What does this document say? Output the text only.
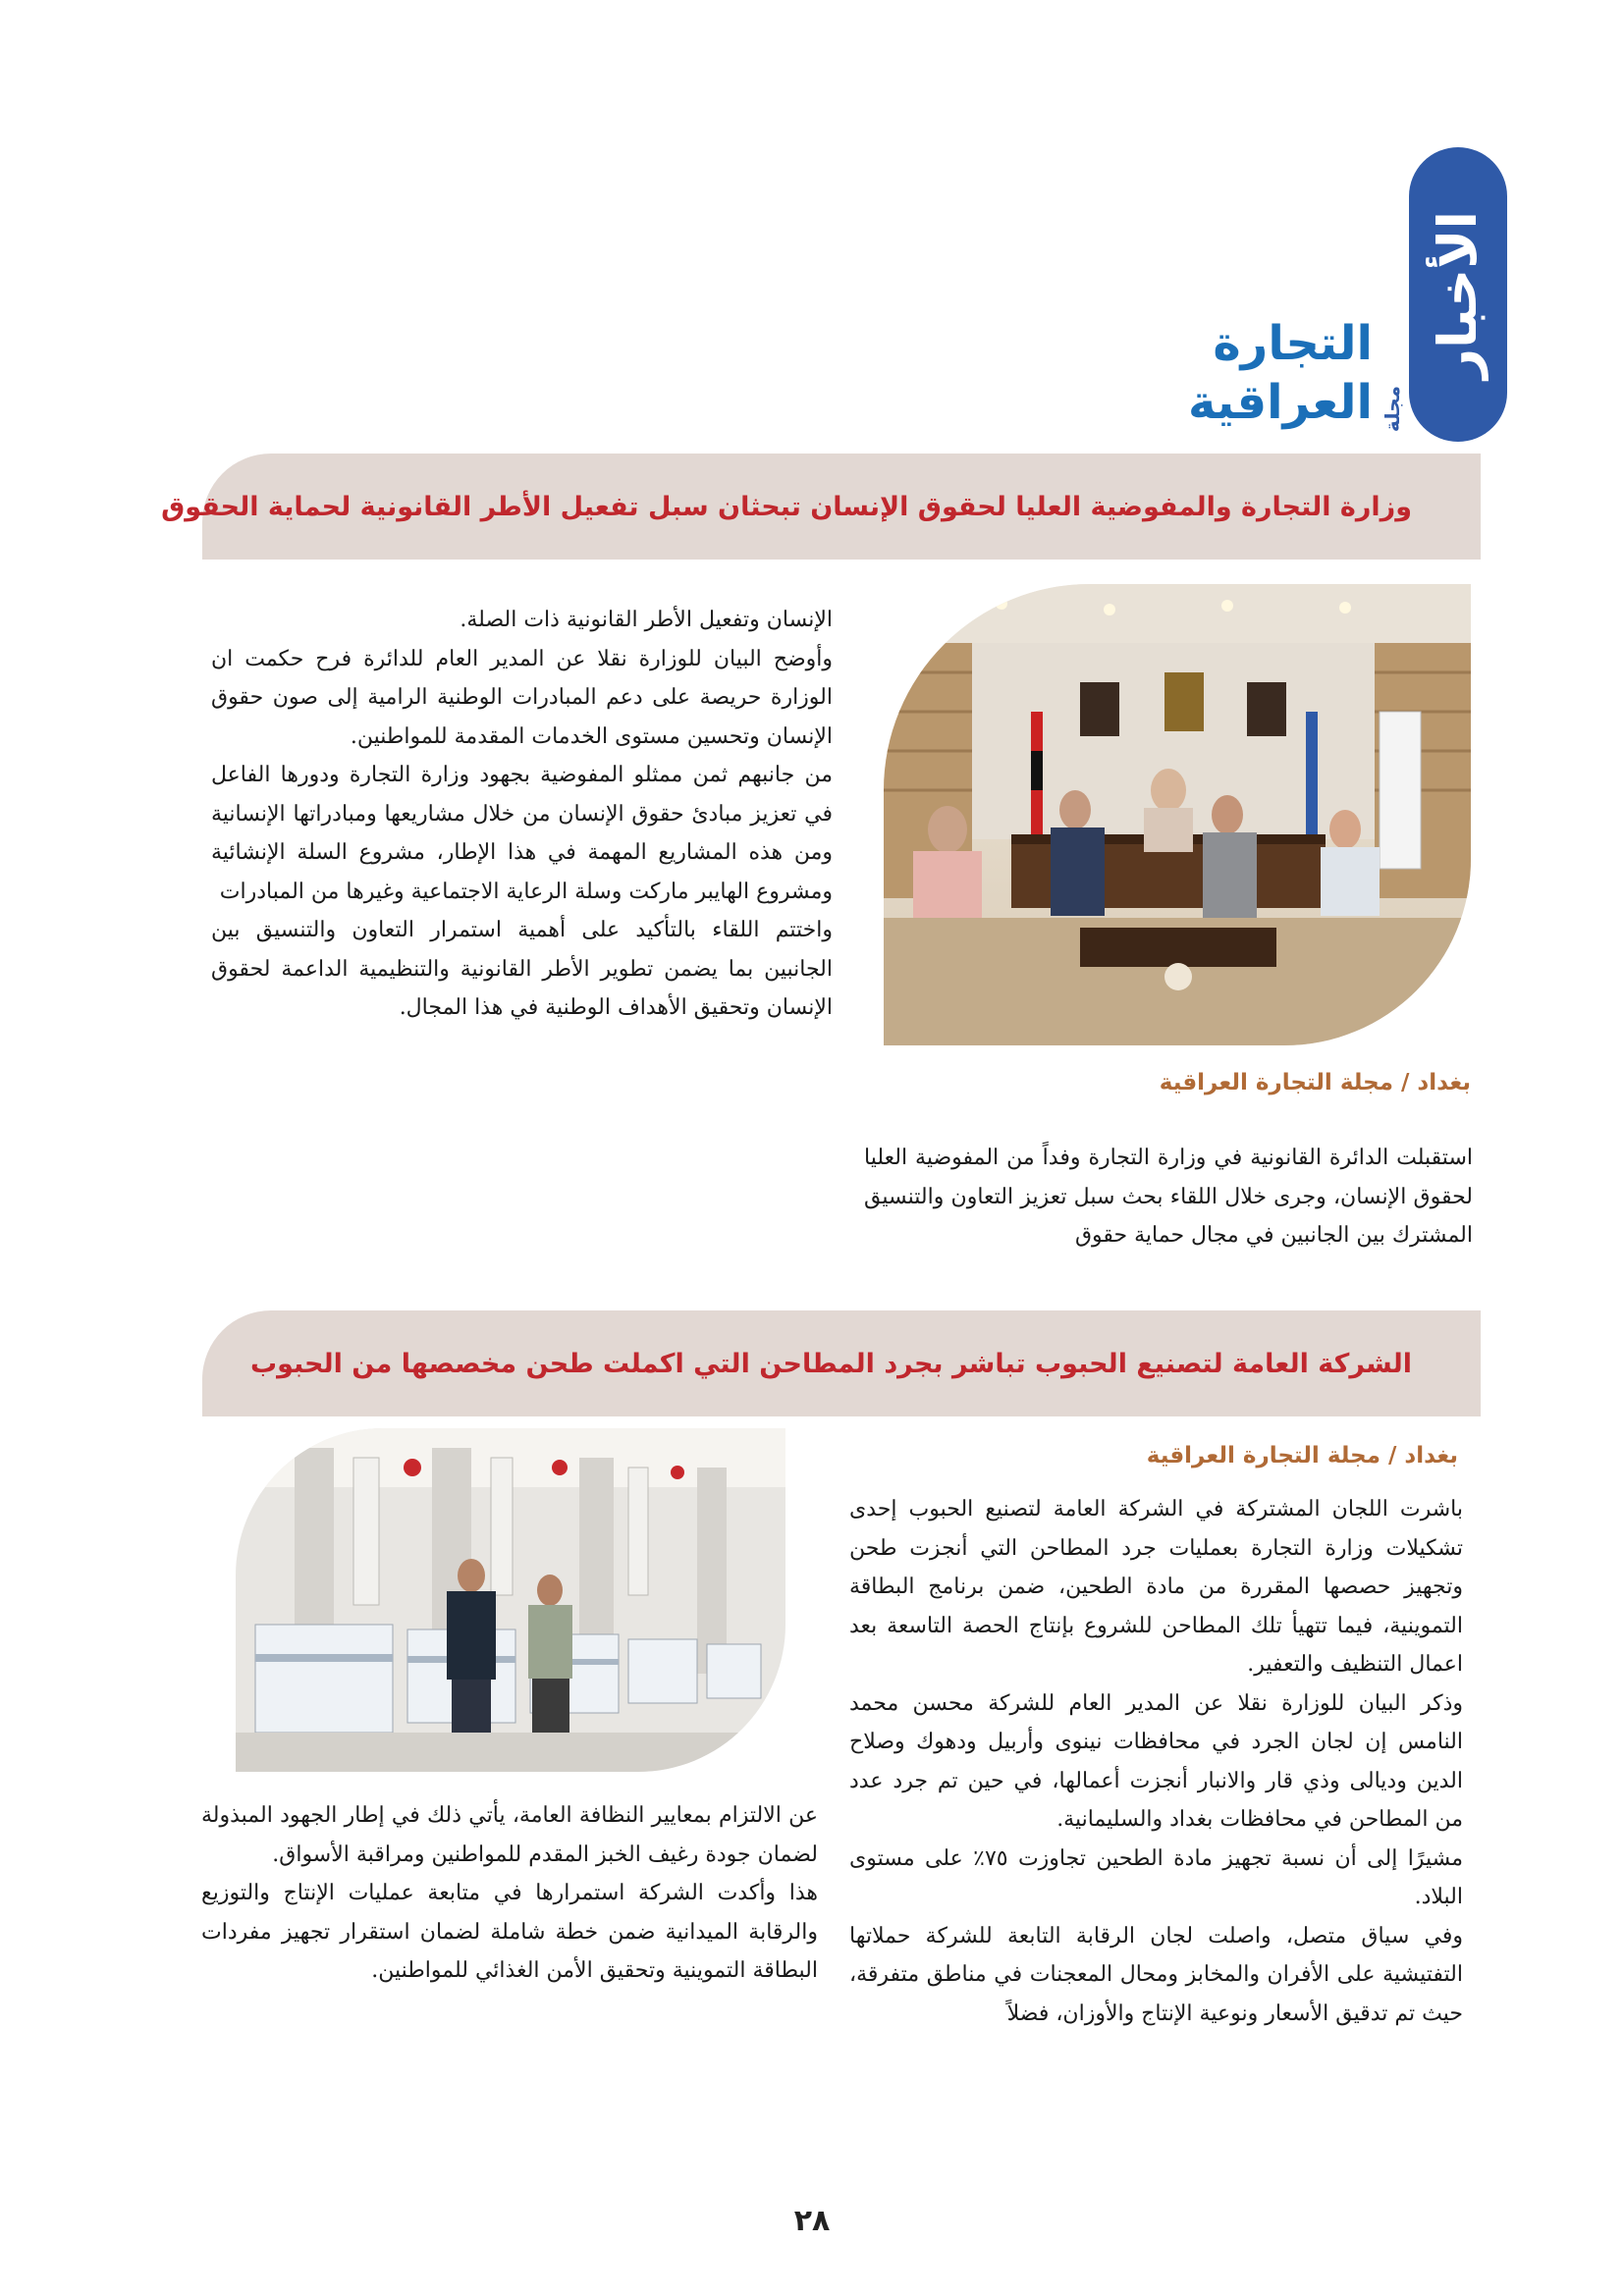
الأخبار
مجلة
التجارة العراقية
وزارة التجارة والمفوضية العليا لحقوق الإنسان تبحثان سبل تفعيل الأطر القانونية لحماية الحقوق
بغداد / مجلة التجارة العراقية

استقبلت الدائرة القانونية في وزارة التجارة وفداً من المفوضية العليا لحقوق الإنسان، وجرى خلال اللقاء بحث سبل تعزيز التعاون والتنسيق المشترك بين الجانبين في مجال حماية حقوق

الإنسان وتفعيل الأطر القانونية ذات الصلة.

وأوضح البيان للوزارة نقلا عن المدير العام للدائرة فرح حكمت ان الوزارة حريصة على دعم المبادرات الوطنية الرامية إلى صون حقوق الإنسان وتحسين مستوى الخدمات المقدمة للمواطنين.

من جانبهم ثمن ممثلو المفوضية بجهود وزارة التجارة ودورها الفاعل في تعزيز مبادئ حقوق الإنسان من خلال مشاريعها ومبادراتها الإنسانية ومن هذه المشاريع المهمة في هذا الإطار، مشروع السلة الإنشائية ومشروع الهايبر ماركت وسلة الرعاية الاجتماعية وغيرها من المبادرات

واختتم اللقاء بالتأكيد على أهمية استمرار التعاون والتنسيق بين الجانبين بما يضمن تطوير الأطر القانونية والتنظيمية الداعمة لحقوق الإنسان وتحقيق الأهداف الوطنية في هذا المجال.

الشركة العامة لتصنيع الحبوب تباشر بجرد المطاحن التي اكملت طحن مخصصها من الحبوب
بغداد / مجلة التجارة العراقية

باشرت اللجان المشتركة في الشركة العامة لتصنيع الحبوب إحدى تشكيلات وزارة التجارة بعمليات جرد المطاحن التي أنجزت طحن وتجهيز حصصها المقررة من مادة الطحين، ضمن برنامج البطاقة التموينية، فيما تتهيأ تلك المطاحن للشروع بإنتاج الحصة التاسعة بعد اعمال التنظيف والتعفير.

وذكر البيان للوزارة نقلا عن المدير العام للشركة محسن محمد النامس إن لجان الجرد في محافظات نينوى وأربيل ودهوك وصلاح الدين وديالى وذي قار والانبار أنجزت أعمالها، في حين تم جرد عدد من المطاحن في محافظات بغداد والسليمانية.

مشيرًا إلى أن نسبة تجهيز مادة الطحين تجاوزت ٧٥٪ على مستوى البلاد.

وفي سياق متصل، واصلت لجان الرقابة التابعة للشركة حملاتها التفتيشية على الأفران والمخابز ومحال المعجنات في مناطق متفرقة، حيث تم تدقيق الأسعار ونوعية الإنتاج والأوزان، فضلاً

عن الالتزام بمعايير النظافة العامة، يأتي ذلك في إطار الجهود المبذولة لضمان جودة رغيف الخبز المقدم للمواطنين ومراقبة الأسواق.

هذا وأكدت الشركة استمرارها في متابعة عمليات الإنتاج والتوزيع والرقابة الميدانية ضمن خطة شاملة لضمان استقرار تجهيز مفردات البطاقة التموينية وتحقيق الأمن الغذائي للمواطنين.

٢٨
